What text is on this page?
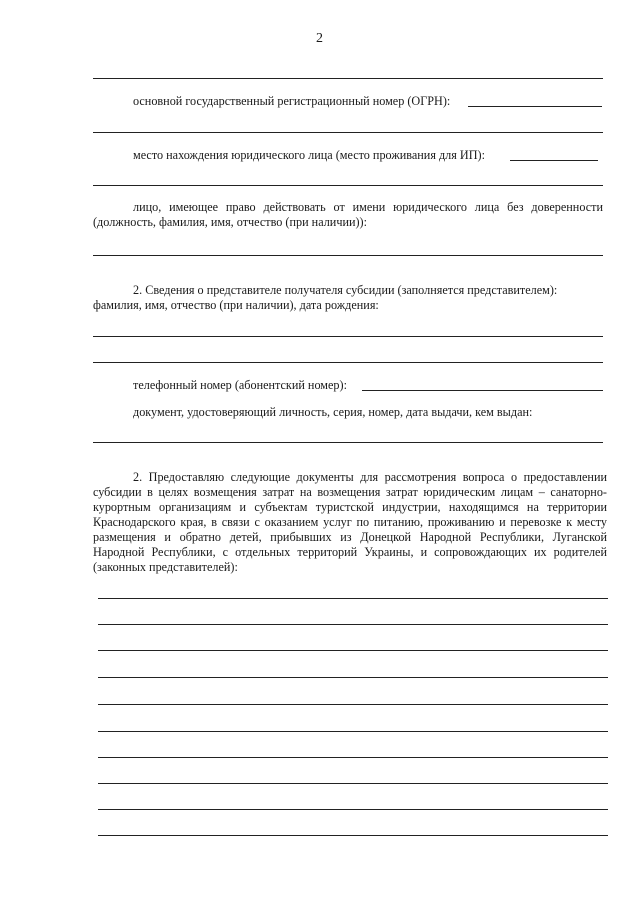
2
основной государственный регистрационный номер (ОГРН):
место нахождения юридического лица (место проживания для ИП):
лицо, имеющее право действовать от имени юридического лица без доверенности (должность, фамилия, имя, отчество (при наличии)):
2. Сведения о представителе получателя субсидии (заполняется представителем):
фамилия, имя, отчество (при наличии), дата рождения:
телефонный номер (абонентский номер):
документ, удостоверяющий личность, серия, номер, дата выдачи, кем выдан:
2. Предоставляю следующие документы для рассмотрения вопроса о предоставлении субсидии в целях возмещения затрат на возмещения затрат юридическим лицам – санаторно-курортным организациям и субъектам туристской индустрии, находящимся на территории Краснодарского края, в связи с оказанием услуг по питанию, проживанию и перевозке к месту размещения и обратно детей, прибывших из Донецкой Народной Республики, Луганской Народной Республики, с отдельных территорий Украины, и сопровождающих их родителей (законных представителей):
